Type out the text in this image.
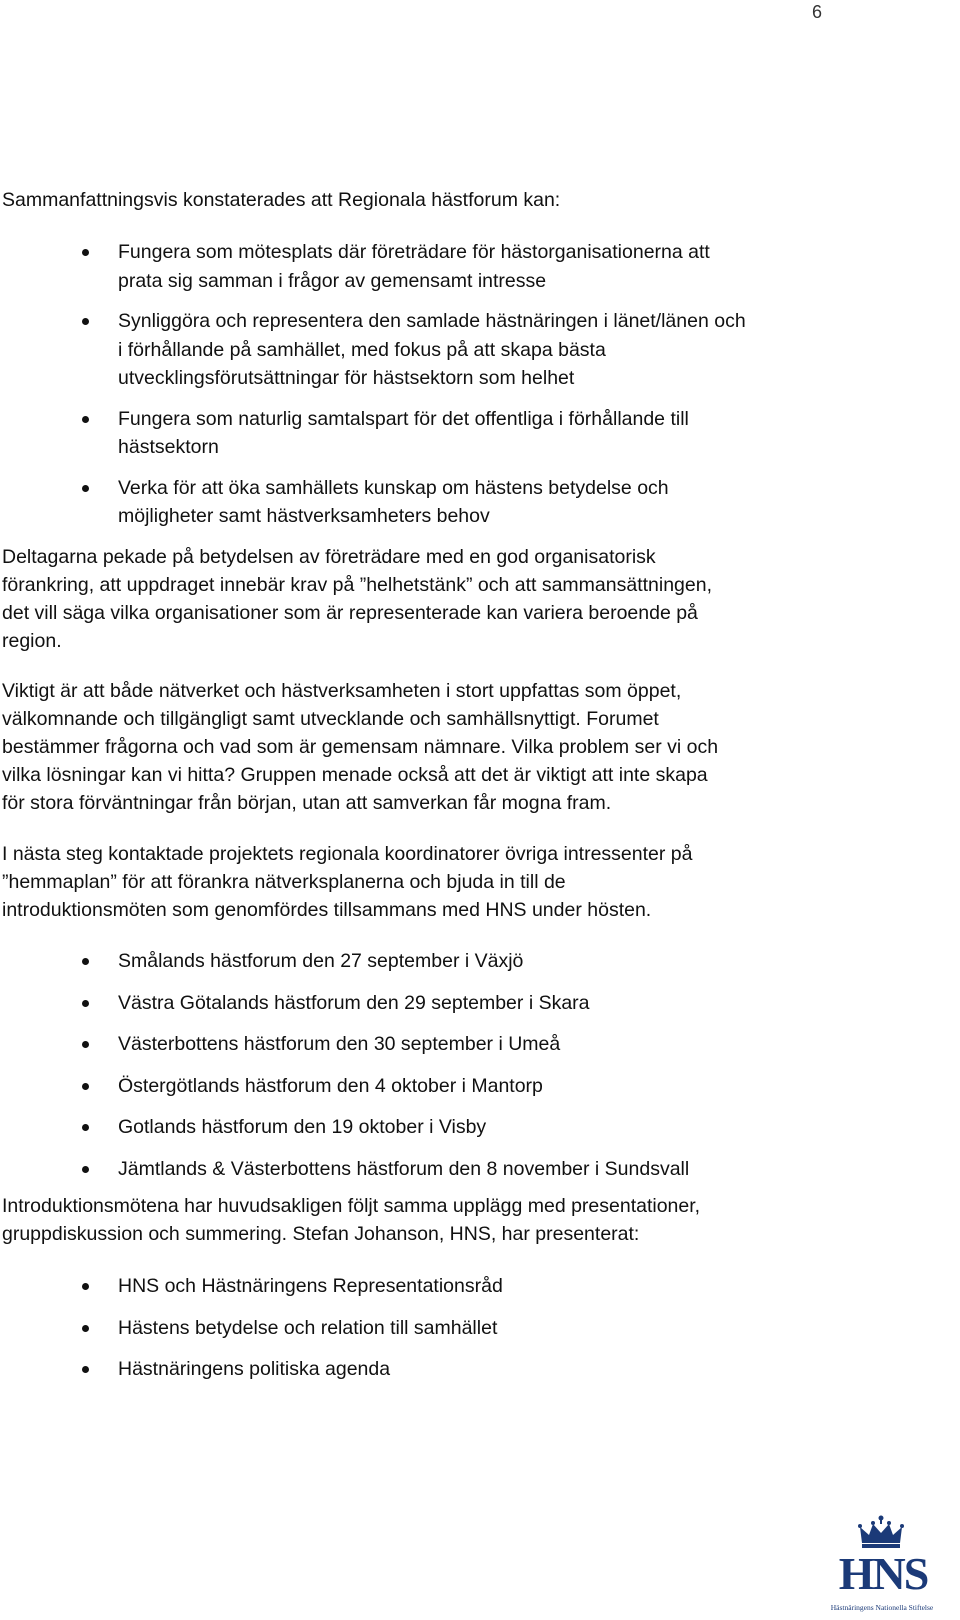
6

Sammanfattningsvis konstaterades att Regionala hästforum kan:

Fungera som mötesplats där företrädare för hästorganisationerna att
prata sig samman i frågor av gemensamt intresse
Synliggöra och representera den samlade hästnäringen i länet/länen och
i förhållande på samhället, med fokus på att skapa bästa
utvecklingsförutsättningar för hästsektorn som helhet
Fungera som naturlig samtalspart för det offentliga i förhållande till
hästsektorn
Verka för att öka samhällets kunskap om hästens betydelse och
möjligheter samt hästverksamheters behov

Deltagarna pekade på betydelsen av företrädare med en god organisatorisk
förankring, att uppdraget innebär krav på ”helhetstänk” och att sammansättningen,
det vill säga vilka organisationer som är representerade kan variera beroende på
region.

Viktigt är att både nätverket och hästverksamheten i stort uppfattas som öppet,
välkomnande och tillgängligt samt utvecklande och samhällsnyttigt. Forumet
bestämmer frågorna och vad som är gemensam nämnare. Vilka problem ser vi och
vilka lösningar kan vi hitta? Gruppen menade också att det är viktigt att inte skapa
för stora förväntningar från början, utan att samverkan får mogna fram.

I nästa steg kontaktade projektets regionala koordinatorer övriga intressenter på
”hemmaplan” för att förankra nätverksplanerna och bjuda in till de
introduktionsmöten som genomfördes tillsammans med HNS under hösten.

Smålands hästforum den 27 september i Växjö
Västra Götalands hästforum den 29 september i Skara
Västerbottens hästforum den 30 september i Umeå
Östergötlands hästforum den 4 oktober i Mantorp
Gotlands hästforum den 19 oktober i Visby
Jämtlands & Västerbottens hästforum den 8 november i Sundsvall

Introduktionsmötena har huvudsakligen följt samma upplägg med presentationer,
gruppdiskussion och summering. Stefan Johanson, HNS, har presenterat:

HNS och Hästnäringens Representationsråd
Hästens betydelse och relation till samhället
Hästnäringens politiska agenda
HNS
Hästnäringens Nationella Stiftelse
